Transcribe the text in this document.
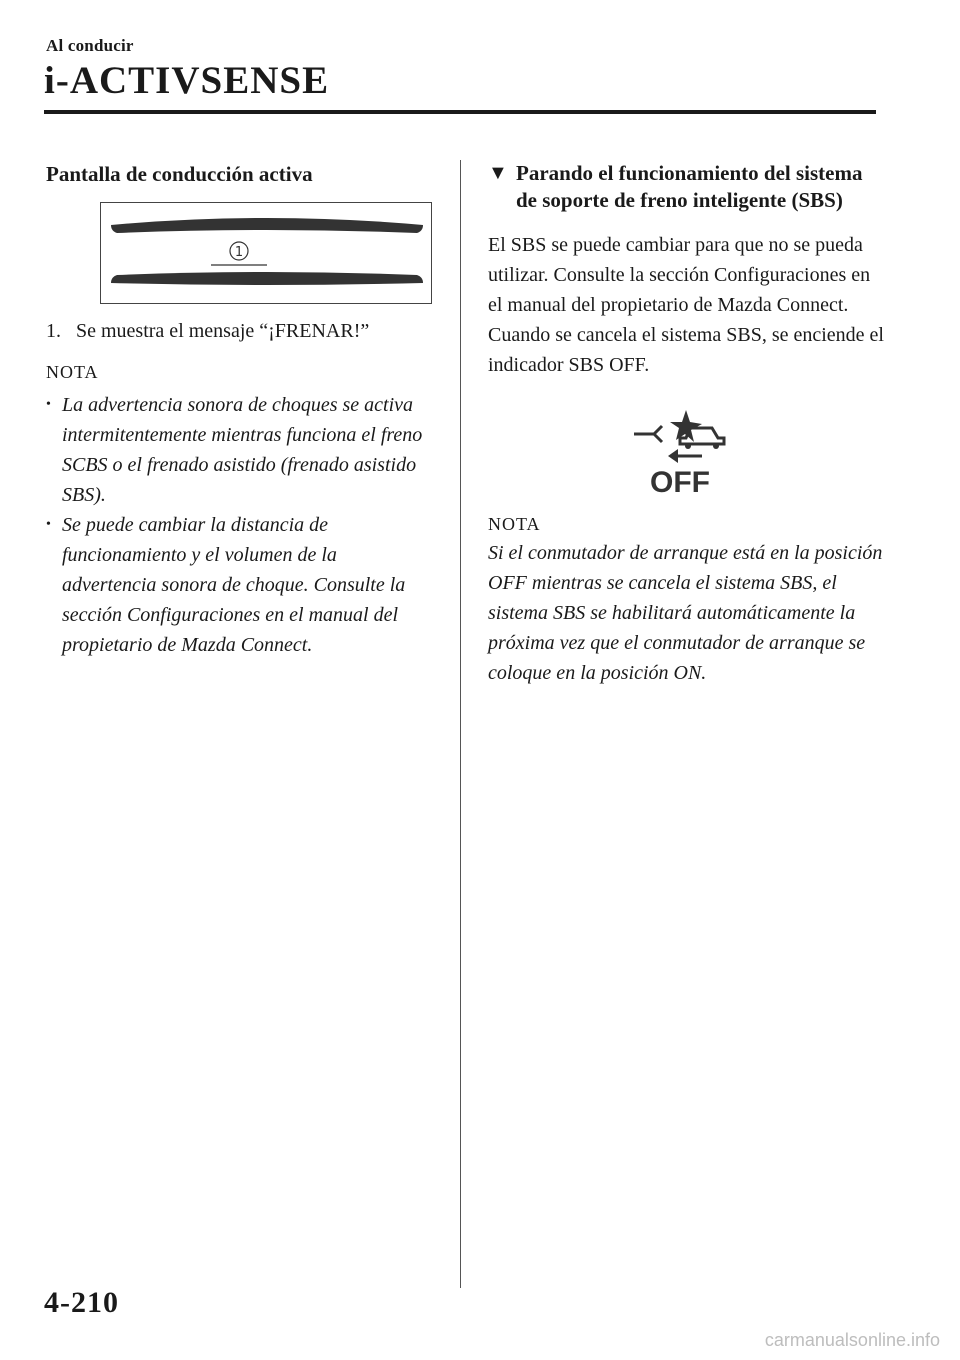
Al conducir
i-ACTIVSENSE
Pantalla de conducción activa
1
1. Se muestra el mensaje “¡FRENAR!”
NOTA
• La advertencia sonora de choques se activa intermitentemente mientras funciona el freno SCBS o el frenado asistido (frenado asistido SBS).
• Se puede cambiar la distancia de funcionamiento y el volumen de la advertencia sonora de choque. Consulte la sección Configuraciones en el manual del propietario de Mazda Connect.
▼ Parando el funcionamiento del sistema de soporte de freno inteligente (SBS)
El SBS se puede cambiar para que no se pueda utilizar. Consulte la sección Configuraciones en el manual del propietario de Mazda Connect. Cuando se cancela el sistema SBS, se enciende el indicador SBS OFF.
OFF
NOTA
Si el conmutador de arranque está en la posición OFF mientras se cancela el sistema SBS, el sistema SBS se habilitará automáticamente la próxima vez que el conmutador de arranque se coloque en la posición ON.
4-210
carmanualsonline.info
